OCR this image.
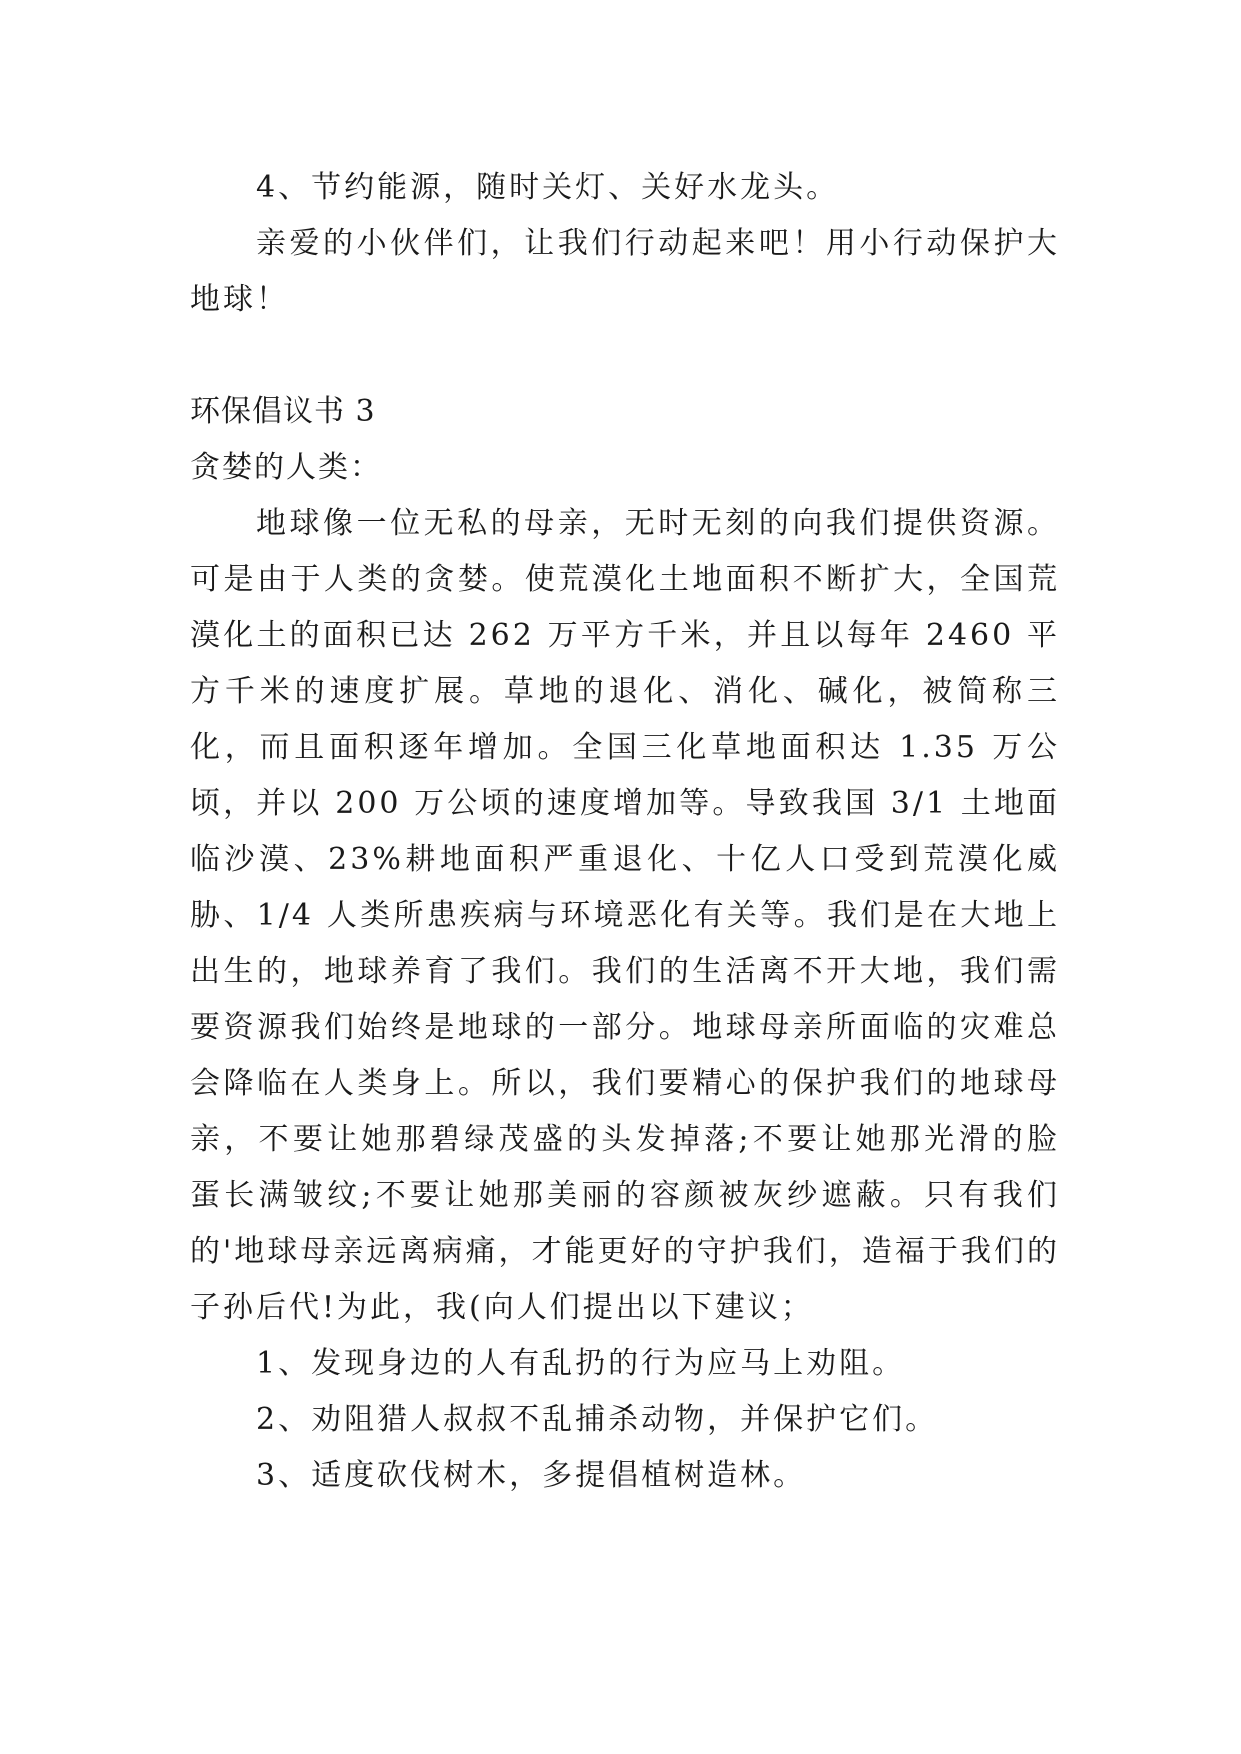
4、节约能源，随时关灯、关好水龙头。

亲爱的小伙伴们，让我们行动起来吧！用小行动保护大地球！

环保倡议书 3

贪婪的人类：

地球像一位无私的母亲，无时无刻的向我们提供资源。可是由于人类的贪婪。使荒漠化土地面积不断扩大，全国荒漠化土的面积已达 262 万平方千米，并且以每年 2460 平方千米的速度扩展。草地的退化、消化、碱化，被简称三化，而且面积逐年增加。全国三化草地面积达 1.35 万公顷，并以 200 万公顷的速度增加等。导致我国 3/1 土地面临沙漠、23%耕地面积严重退化、十亿人口受到荒漠化威胁、1/4 人类所患疾病与环境恶化有关等。我们是在大地上出生的，地球养育了我们。我们的生活离不开大地，我们需要资源我们始终是地球的一部分。地球母亲所面临的灾难总会降临在人类身上。所以，我们要精心的保护我们的地球母亲，不要让她那碧绿茂盛的头发掉落;不要让她那光滑的脸蛋长满皱纹;不要让她那美丽的容颜被灰纱遮蔽。只有我们的'地球母亲远离病痛，才能更好的守护我们，造福于我们的子孙后代!为此，我(向人们提出以下建议；

1、发现身边的人有乱扔的行为应马上劝阻。

2、劝阻猎人叔叔不乱捕杀动物，并保护它们。

3、适度砍伐树木，多提倡植树造林。
